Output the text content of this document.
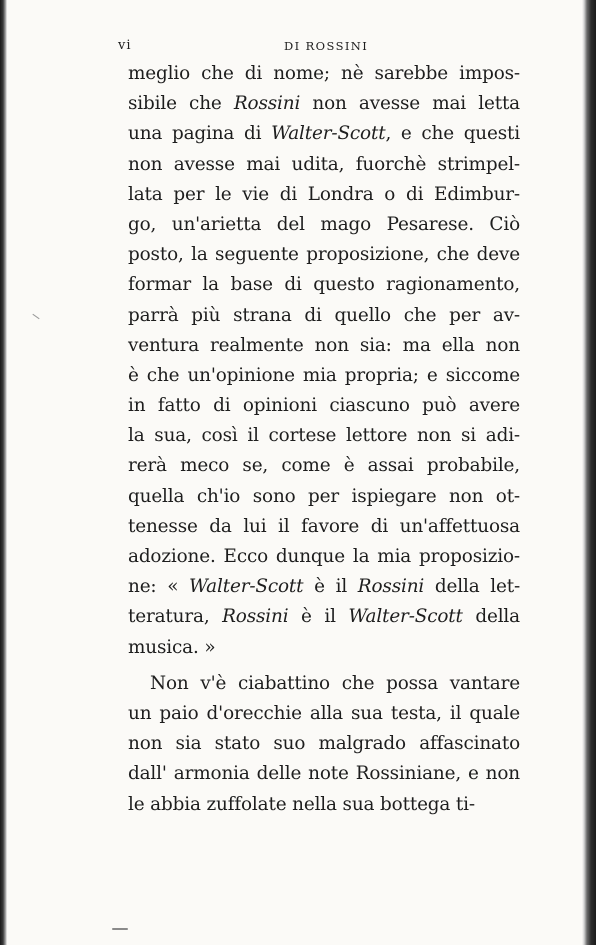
vi	DI ROSSINI
meglio che di nome; nè sarebbe impos-
sibile che Rossini non avesse mai letta
una pagina di Walter-Scott, e che questi
non avesse mai udita, fuorchè strimpel-
lata per le vie di Londra o di Edimbur-
go, un'arietta del mago Pesarese. Ciò
posto, la seguente proposizione, che deve
formar la base di questo ragionamento,
parrà più strana di quello che per av-
ventura realmente non sia: ma ella non
è che un'opinione mia propria; e siccome
in fatto di opinioni ciascuno può avere
la sua, così il cortese lettore non si adi-
rerà meco se, come è assai probabile,
quella ch'io sono per ispiegare non ot-
tenesse da lui il favore di un'affettuosa
adozione. Ecco dunque la mia proposizio-
ne: « Walter-Scott è il Rossini della let-
teratura, Rossini è il Walter-Scott della
musica. »
Non v'è ciabattino che possa vantare
un paio d'orecchie alla sua testa, il quale
non sia stato suo malgrado affascinato
dall' armonia delle note Rossiniane, e non
le abbia zuffolate nella sua bottega ti-
